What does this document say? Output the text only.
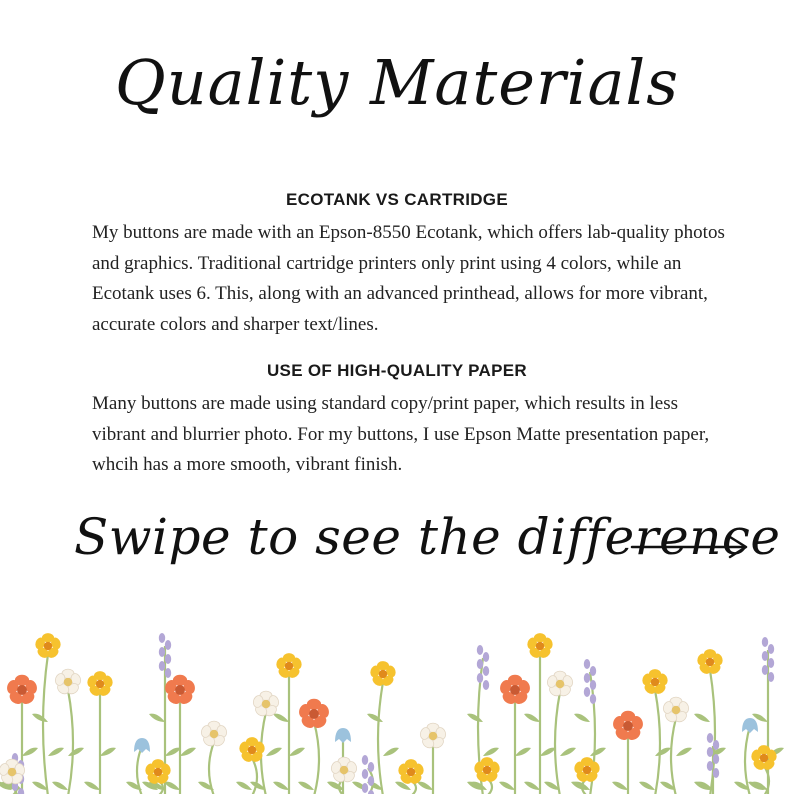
Quality Materials
ECOTANK VS CARTRIDGE
My buttons are made with an Epson-8550 Ecotank, which offers lab-quality photos and graphics. Traditional cartridge printers only print using 4 colors, while an Ecotank uses 6. This, along with an advanced printhead, allows for more vibrant, accurate colors and sharper text/lines.
USE OF HIGH-QUALITY PAPER
Many buttons are made using standard copy/print paper, which results in less vibrant and blurrier photo. For my buttons, I use Epson Matte presentation paper, whcih has a more smooth, vibrant finish.
Swipe to see the difference
